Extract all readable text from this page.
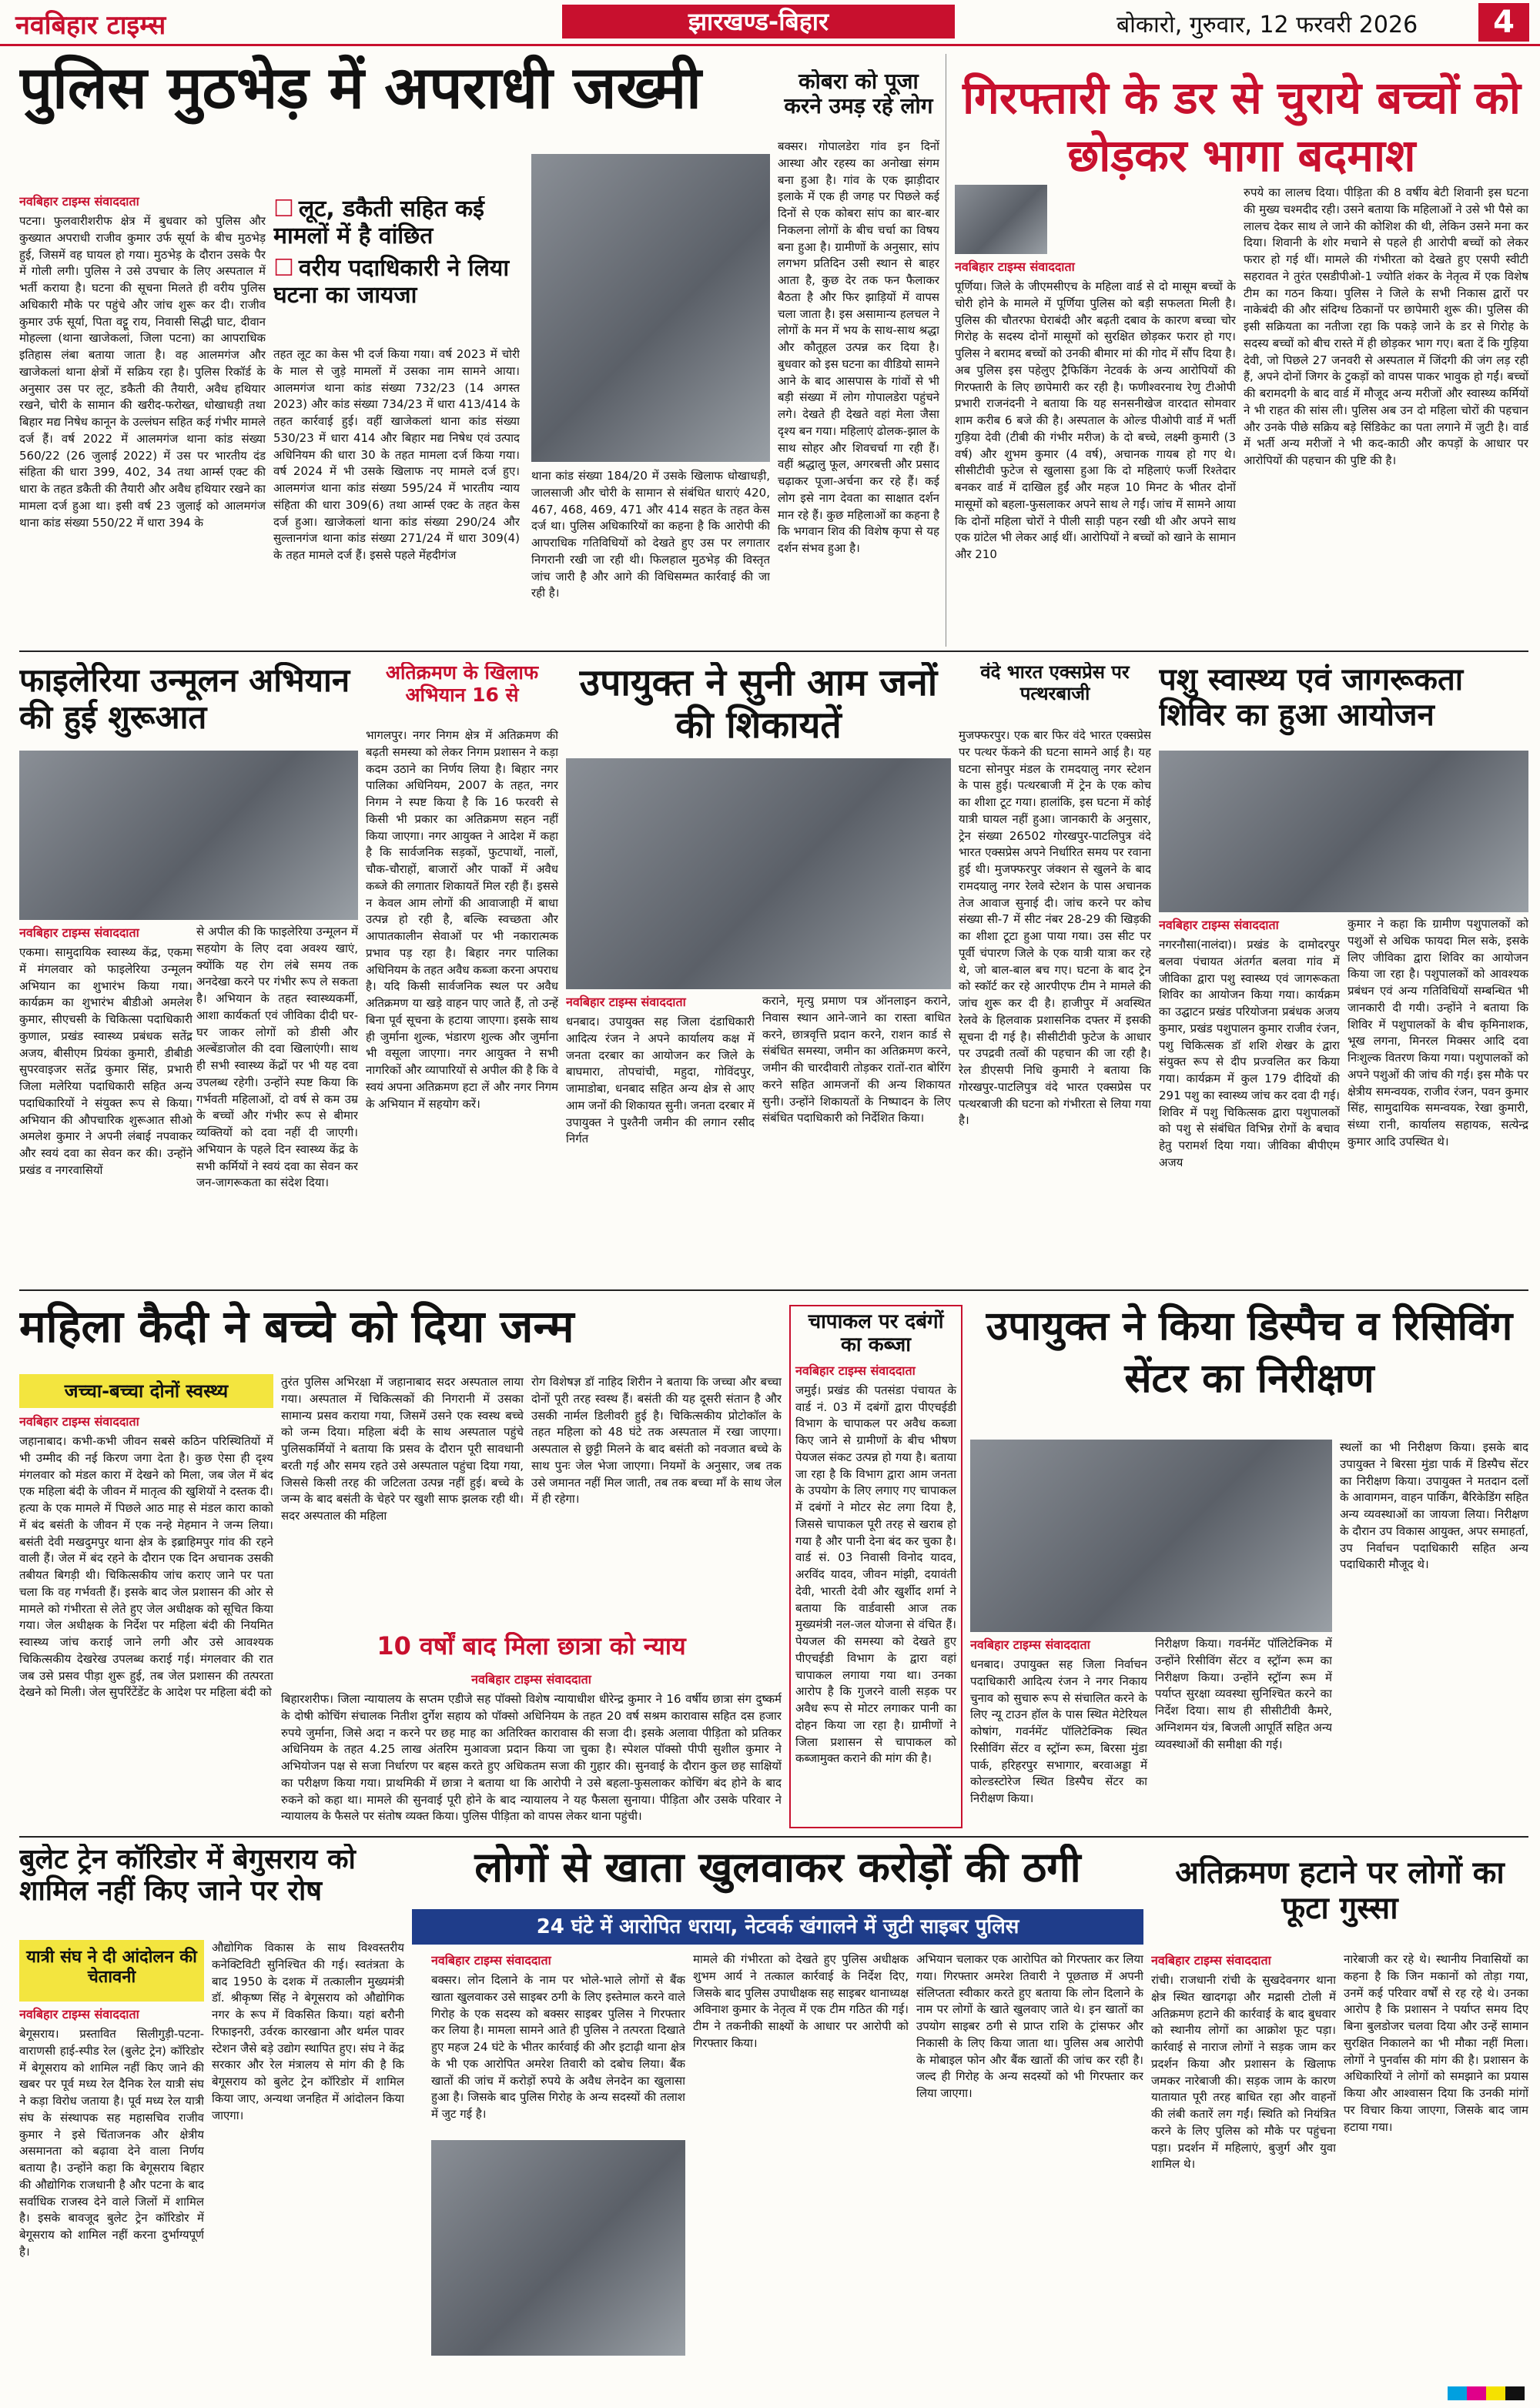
नवबिहार टाइम्स	झारखण्ड-बिहार	बोकारो, गुरुवार, 12 फरवरी 2026	4
पुलिस मुठभेड़ में अपराधी जख्मी
नवबिहार टाइम्स संवाददाता

पटना। फुलवारीशरीफ क्षेत्र में बुधवार को पुलिस और कुख्यात अपराधी राजीव कुमार उर्फ सूर्या के बीच मुठभेड़ हुई, जिसमें वह घायल हो गया। मुठभेड़ के दौरान उसके पैर में गोली लगी। पुलिस ने उसे उपचार के लिए अस्पताल में भर्ती कराया है। घटना की सूचना मिलते ही वरीय पुलिस अधिकारी मौके पर पहुंचे और जांच शुरू कर दी। राजीव कुमार उर्फ सूर्या, पिता वट्टू राय, निवासी सिद्धी घाट, दीवान मोहल्ला (थाना खाजेकलां, जिला पटना) का आपराधिक इतिहास लंबा बताया जाता है। वह आलमगंज और खाजेकलां थाना क्षेत्रों में सक्रिय रहा है। पुलिस रिकॉर्ड के अनुसार उस पर लूट, डकैती की तैयारी, अवैध हथियार रखने, चोरी के सामान की खरीद-फरोख्त, धोखाधड़ी तथा बिहार मद्य निषेध कानून के उल्लंघन सहित कई गंभीर मामले दर्ज हैं। वर्ष 2022 में आलमगंज थाना कांड संख्या 560/22 (26 जुलाई 2022) में उस पर भारतीय दंड संहिता की धारा 399, 402, 34 तथा आर्म्स एक्ट की धारा के तहत डकैती की तैयारी और अवैध हथियार रखने का मामला दर्ज हुआ था। इसी वर्ष 23 जुलाई को आलमगंज थाना कांड संख्या 550/22 में धारा 394 के

☐ लूट, डकैती सहित कई मामलों में है वांछित
☐ वरीय पदाधिकारी ने लिया घटना का जायजा

तहत लूट का केस भी दर्ज किया गया। वर्ष 2023 में चोरी के माल से जुड़े मामलों में उसका नाम सामने आया। आलमगंज थाना कांड संख्या 732/23 (14 अगस्त 2023) और कांड संख्या 734/23 में धारा 413/414 के तहत कार्रवाई हुई। वहीं खाजेकलां थाना कांड संख्या 530/23 में धारा 414 और बिहार मद्य निषेध एवं उत्पाद अधिनियम की धारा 30 के तहत मामला दर्ज किया गया। वर्ष 2024 में भी उसके खिलाफ नए मामले दर्ज हुए। आलमगंज थाना कांड संख्या 595/24 में भारतीय न्याय संहिता की धारा 309(6) तथा आर्म्स एक्ट के तहत केस दर्ज हुआ। खाजेकलां थाना कांड संख्या 290/24 और सुल्तानगंज थाना कांड संख्या 271/24 में धारा 309(4) के तहत मामले दर्ज हैं। इससे पहले मेंहदीगंज

थाना कांड संख्या 184/20 में उसके खिलाफ धोखाधड़ी, जालसाजी और चोरी के सामान से संबंधित धाराएं 420, 467, 468, 469, 471 और 414 सहत के तहत केस दर्ज था। पुलिस अधिकारियों का कहना है कि आरोपी की आपराधिक गतिविधियों को देखते हुए उस पर लगातार निगरानी रखी जा रही थी। फिलहाल मुठभेड़ की विस्तृत जांच जारी है और आगे की विधिसम्मत कार्रवाई की जा रही है।

कोबरा को पूजा करने उमड़ रहे लोग

बक्सर। गोपालडेरा गांव इन दिनों आस्था और रहस्य का अनोखा संगम बना हुआ है। गांव के एक झाड़ीदार इलाके में एक ही जगह पर पिछले कई दिनों से एक कोबरा सांप का बार-बार निकलना लोगों के बीच चर्चा का विषय बना हुआ है। ग्रामीणों के अनुसार, सांप लगभग प्रतिदिन उसी स्थान से बाहर आता है, कुछ देर तक फन फैलाकर बैठता है और फिर झाड़ियों में वापस चला जाता है। इस असामान्य हलचल ने लोगों के मन में भय के साथ-साथ श्रद्धा और कौतूहल उत्पन्न कर दिया है। बुधवार को इस घटना का वीडियो सामने आने के बाद आसपास के गांवों से भी बड़ी संख्या में लोग गोपालडेरा पहुंचने लगे। देखते ही देखते वहां मेला जैसा दृश्य बन गया। महिलाएं ढोलक-झाल के साथ सोहर और शिवचर्चा गा रही हैं। वहीं श्रद्धालु फूल, अगरबत्ती और प्रसाद चढ़ाकर पूजा-अर्चना कर रहे हैं। कई लोग इसे नाग देवता का साक्षात दर्शन मान रहे हैं। कुछ महिलाओं का कहना है कि भगवान शिव की विशेष कृपा से यह दर्शन संभव हुआ है।

गिरफ्तारी के डर से चुराये बच्चों को छोड़कर भागा बदमाश
नवबिहार टाइम्स संवाददाता

पूर्णिया। जिले के जीएमसीएच के महिला वार्ड से दो मासूम बच्चों के चोरी होने के मामले में पूर्णिया पुलिस को बड़ी सफलता मिली है। पुलिस की चौतरफा घेराबंदी और बढ़ती दबाव के कारण बच्चा चोर गिरोह के सदस्य दोनों मासूमों को सुरक्षित छोड़कर फरार हो गए। पुलिस ने बरामद बच्चों को उनकी बीमार मां की गोद में सौंप दिया है। अब पुलिस इस पहेलुए ट्रैफिकिंग नेटवर्क के अन्य आरोपियों की गिरफ्तारी के लिए छापेमारी कर रही है। फणीश्वरनाथ रेणु टीओपी प्रभारी राजनंदनी ने बताया कि यह सनसनीखेज वारदात सोमवार शाम करीब 6 बजे की है। अस्पताल के ओल्ड पीओपी वार्ड में भर्ती गुड़िया देवी (टीबी की गंभीर मरीज) के दो बच्चे, लक्ष्मी कुमारी (3 वर्ष) और शुभम कुमार (4 वर्ष), अचानक गायब हो गए थे। सीसीटीवी फुटेज से खुलासा हुआ कि दो महिलाएं फर्जी रिश्तेदार बनकर वार्ड में दाखिल हुईं और महज 10 मिनट के भीतर दोनों मासूमों को बहला-फुसलाकर अपने साथ ले गईं। जांच में सामने आया कि दोनों महिला चोरों ने पीली साड़ी पहन रखी थी और अपने साथ एक ग्रांटेल भी लेकर आई थीं। आरोपियों ने बच्चों को खाने के सामान और 210

रुपये का लालच दिया। पीड़िता की 8 वर्षीय बेटी शिवानी इस घटना की मुख्य चश्मदीद रही। उसने बताया कि महिलाओं ने उसे भी पैसे का लालच देकर साथ ले जाने की कोशिश की थी, लेकिन उसने मना कर दिया। शिवानी के शोर मचाने से पहले ही आरोपी बच्चों को लेकर फरार हो गई थीं। मामले की गंभीरता को देखते हुए एसपी स्वीटी सहरावत ने तुरंत एसडीपीओ-1 ज्योति शंकर के नेतृत्व में एक विशेष टीम का गठन किया। पुलिस ने जिले के सभी निकास द्वारों पर नाकेबंदी की और संदिग्ध ठिकानों पर छापेमारी शुरू की। पुलिस की इसी सक्रियता का नतीजा रहा कि पकड़े जाने के डर से गिरोह के सदस्य बच्चों को बीच रास्ते में ही छोड़कर भाग गए। बता दें कि गुड़िया देवी, जो पिछले 27 जनवरी से अस्पताल में जिंदगी की जंग लड़ रही हैं, अपने दोनों जिगर के टुकड़ों को वापस पाकर भावुक हो गईं। बच्चों की बरामदगी के बाद वार्ड में मौजूद अन्य मरीजों और स्वास्थ्य कर्मियों ने भी राहत की सांस ली। पुलिस अब उन दो महिला चोरों की पहचान और उनके पीछे सक्रिय बड़े सिंडिकेट का पता लगाने में जुटी है। वार्ड में भर्ती अन्य मरीजों ने भी कद-काठी और कपड़ों के आधार पर आरोपियों की पहचान की पुष्टि की है।

फाइलेरिया उन्मूलन अभियान की हुई शुरूआत
नवबिहार टाइम्स संवाददाता

एकमा। सामुदायिक स्वास्थ्य केंद्र, एकमा में मंगलवार को फाइलेरिया उन्मूलन अभियान का शुभारंभ किया गया। कार्यक्रम का शुभारंभ बीडीओ अमलेश कुमार, सीएचसी के चिकित्सा पदाधिकारी कुणाल, प्रखंड स्वास्थ्य प्रबंधक सतेंद्र अजय, बीसीएम प्रियंका कुमारी, डीबीडी सुपरवाइजर सतेंद्र कुमार सिंह, प्रभारी जिला मलेरिया पदाधिकारी सहित अन्य पदाधिकारियों ने संयुक्त रूप से किया। अभियान की औपचारिक शुरूआत सीओ अमलेश कुमार ने अपनी लंबाई नपवाकर और स्वयं दवा का सेवन कर की। उन्होंने प्रखंड व नगरवासियों

से अपील की कि फाइलेरिया उन्मूलन में सहयोग के लिए दवा अवश्य खाएं, क्योंकि यह रोग लंबे समय तक अनदेखा करने पर गंभीर रूप ले सकता है। अभियान के तहत स्वास्थ्यकर्मी, आशा कार्यकर्ता एवं जीविका दीदी घर-घर जाकर लोगों को डीसी और अल्बेंडाजोल की दवा खिलाएंगी। साथ ही सभी स्वास्थ्य केंद्रों पर भी यह दवा उपलब्ध रहेगी। उन्होंने स्पष्ट किया कि गर्भवती महिलाओं, दो वर्ष से कम उम्र के बच्चों और गंभीर रूप से बीमार व्यक्तियों को दवा नहीं दी जाएगी। अभियान के पहले दिन स्वास्थ्य केंद्र के सभी कर्मियों ने स्वयं दवा का सेवन कर जन-जागरूकता का संदेश दिया।

अतिक्रमण के खिलाफ अभियान 16 से

भागलपुर। नगर निगम क्षेत्र में अतिक्रमण की बढ़ती समस्या को लेकर निगम प्रशासन ने कड़ा कदम उठाने का निर्णय लिया है। बिहार नगर पालिका अधिनियम, 2007 के तहत, नगर निगम ने स्पष्ट किया है कि 16 फरवरी से किसी भी प्रकार का अतिक्रमण सहन नहीं किया जाएगा। नगर आयुक्त ने आदेश में कहा है कि सार्वजनिक सड़कों, फुटपाथों, नालों, चौक-चौराहों, बाजारों और पार्कों में अवैध कब्जे की लगातार शिकायतें मिल रही हैं। इससे न केवल आम लोगों की आवाजाही में बाधा उत्पन्न हो रही है, बल्कि स्वच्छता और आपातकालीन सेवाओं पर भी नकारात्मक प्रभाव पड़ रहा है। बिहार नगर पालिका अधिनियम के तहत अवैध कब्जा करना अपराध है। यदि किसी सार्वजनिक स्थल पर अवैध अतिक्रमण या खड़े वाहन पाए जाते हैं, तो उन्हें बिना पूर्व सूचना के हटाया जाएगा। इसके साथ ही जुर्माना शुल्क, भंडारण शुल्क और जुर्माना भी वसूला जाएगा। नगर आयुक्त ने सभी नागरिकों और व्यापारियों से अपील की है कि वे स्वयं अपना अतिक्रमण हटा लें और नगर निगम के अभियान में सहयोग करें।

उपायुक्त ने सुनी आम जनों की शिकायतें
नवबिहार टाइम्स संवाददाता

धनबाद। उपायुक्त सह जिला दंडाधिकारी आदित्य रंजन ने अपने कार्यालय कक्ष में जनता दरबार का आयोजन कर जिले के बाघमारा, तोपचांची, महुदा, गोविंदपुर, जामाडोबा, धनबाद सहित अन्य क्षेत्र से आए आम जनों की शिकायत सुनी। जनता दरबार में उपायुक्त ने पुश्तैनी जमीन की लगान रसीद निर्गत

कराने, मृत्यु प्रमाण पत्र ऑनलाइन कराने, निवास स्थान आने-जाने का रास्ता बाधित करने, छात्रवृत्ति प्रदान करने, राशन कार्ड से संबंधित समस्या, जमीन का अतिक्रमण करने, जमीन की चारदीवारी तोड़कर रातों-रात बोरिंग करने सहित आमजनों की अन्य शिकायत सुनी। उन्होंने शिकायतों के निष्पादन के लिए संबंधित पदाधिकारी को निर्देशित किया।

वंदे भारत एक्सप्रेस पर पत्थरबाजी

मुजफ्फरपुर। एक बार फिर वंदे भारत एक्सप्रेस पर पत्थर फेंकने की घटना सामने आई है। यह घटना सोनपुर मंडल के रामदयालु नगर स्टेशन के पास हुई। पत्थरबाजी में ट्रेन के एक कोच का शीशा टूट गया। हालांकि, इस घटना में कोई यात्री घायल नहीं हुआ। जानकारी के अनुसार, ट्रेन संख्या 26502 गोरखपुर-पाटलिपुत्र वंदे भारत एक्सप्रेस अपने निर्धारित समय पर रवाना हुई थी। मुजफ्फरपुर जंक्शन से खुलने के बाद रामदयालु नगर रेलवे स्टेशन के पास अचानक तेज आवाज सुनाई दी। जांच करने पर कोच संख्या सी-7 में सीट नंबर 28-29 की खिड़की का शीशा टूटा हुआ पाया गया। उस सीट पर पूर्वी चंपारण जिले के एक यात्री यात्रा कर रहे थे, जो बाल-बाल बच गए। घटना के बाद ट्रेन को स्कॉर्ट कर रहे आरपीएफ टीम ने मामले की जांच शुरू कर दी है। हाजीपुर में अवस्थित रेलवे के हिलवाक प्रशासनिक दफ्तर में इसकी सूचना दी गई है। सीसीटीवी फुटेज के आधार पर उपद्रवी तत्वों की पहचान की जा रही है। रेल डीएसपी निधि कुमारी ने बताया कि गोरखपुर-पाटलिपुत्र वंदे भारत एक्सप्रेस पर पत्थरबाजी की घटना को गंभीरता से लिया गया है।

पशु स्वास्थ्य एवं जागरूकता शिविर का हुआ आयोजन
नवबिहार टाइम्स संवाददाता

नगरनौसा(नालंदा)। प्रखंड के दामोदरपुर बलवा पंचायत अंतर्गत बलवा गांव में जीविका द्वारा पशु स्वास्थ्य एवं जागरूकता शिविर का आयोजन किया गया। कार्यक्रम का उद्घाटन प्रखंड परियोजना प्रबंधक अजय कुमार, प्रखंड पशुपालन कुमार राजीव रंजन, पशु चिकित्सक डॉ शशि शेखर के द्वारा संयुक्त रूप से दीप प्रज्वलित कर किया गया। कार्यक्रम में कुल 179 दीदियों की 291 पशु का स्वास्थ्य जांच कर दवा दी गई। शिविर में पशु चिकित्सक द्वारा पशुपालकों को पशु से संबंधित विभिन्न रोगों के बचाव हेतु परामर्श दिया गया। जीविका बीपीएम अजय

कुमार ने कहा कि ग्रामीण पशुपालकों को पशुओं से अधिक फायदा मिल सके, इसके लिए जीविका द्वारा शिविर का आयोजन किया जा रहा है। पशुपालकों को आवश्यक प्रबंधन एवं अन्य गतिविधियों सम्बन्धित भी जानकारी दी गयी। उन्होंने ने बताया कि शिविर में पशुपालकों के बीच कृमिनाशक, भूख लगना, मिनरल मिक्सर आदि दवा निःशुल्क वितरण किया गया। पशुपालकों को अपने पशुओं की जांच की गई। इस मौके पर क्षेत्रीय समन्वयक, राजीव रंजन, पवन कुमार सिंह, सामुदायिक समन्वयक, रेखा कुमारी, संध्या रानी, कार्यालय सहायक, सत्येन्द्र कुमार आदि उपस्थित थे।

महिला कैदी ने बच्चे को दिया जन्म
जच्चा-बच्चा दोनों स्वस्थ्य
नवबिहार टाइम्स संवाददाता

जहानाबाद। कभी-कभी जीवन सबसे कठिन परिस्थितियों में भी उम्मीद की नई किरण जगा देता है। कुछ ऐसा ही दृश्य मंगलवार को मंडल कारा में देखने को मिला, जब जेल में बंद एक महिला बंदी के जीवन में मातृत्व की खुशियों ने दस्तक दी। हत्या के एक मामले में पिछले आठ माह से मंडल कारा काको में बंद बसंती के जीवन में एक नन्हे मेहमान ने जन्म लिया। बसंती देवी मखदुमपुर थाना क्षेत्र के इब्राहिमपुर गांव की रहने वाली हैं। जेल में बंद रहने के दौरान एक दिन अचानक उसकी तबीयत बिगड़ी थी। चिकित्सकीय जांच कराए जाने पर पता चला कि वह गर्भवती हैं। इसके बाद जेल प्रशासन की ओर से मामले को गंभीरता से लेते हुए जेल अधीक्षक को सूचित किया गया। जेल अधीक्षक के निर्देश पर महिला बंदी की नियमित स्वास्थ्य जांच कराई जाने लगी और उसे आवश्यक चिकित्सकीय देखरेख उपलब्ध कराई गई। मंगलवार की रात जब उसे प्रसव पीड़ा शुरू हुई, तब जेल प्रशासन की तत्परता देखने को मिली। जेल सुपरिंटेंडेंट के आदेश पर महिला बंदी को

तुरंत पुलिस अभिरक्षा में जहानाबाद सदर अस्पताल लाया गया। अस्पताल में चिकित्सकों की निगरानी में उसका सामान्य प्रसव कराया गया, जिसमें उसने एक स्वस्थ बच्चे को जन्म दिया। महिला बंदी के साथ अस्पताल पहुंचे पुलिसकर्मियों ने बताया कि प्रसव के दौरान पूरी सावधानी बरती गई और समय रहते उसे अस्पताल पहुंचा दिया गया, जिससे किसी तरह की जटिलता उत्पन्न नहीं हुई। बच्चे के जन्म के बाद बसंती के चेहरे पर खुशी साफ झलक रही थी। सदर अस्पताल की महिला

रोग विशेषज्ञ डॉ नाहिद शिरीन ने बताया कि जच्चा और बच्चा दोनों पूरी तरह स्वस्थ हैं। बसंती की यह दूसरी संतान है और उसकी नार्मल डिलीवरी हुई है। चिकित्सकीय प्रोटोकॉल के तहत महिला को 48 घंटे तक अस्पताल में रखा जाएगा। अस्पताल से छुट्टी मिलने के बाद बसंती को नवजात बच्चे के साथ पुनः जेल भेजा जाएगा। नियमों के अनुसार, जब तक उसे जमानत नहीं मिल जाती, तब तक बच्चा माँ के साथ जेल में ही रहेगा।

10 वर्षों बाद मिला छात्रा को न्याय
नवबिहार टाइम्स संवाददाता

बिहारशरीफ। जिला न्यायालय के सप्तम एडीजे सह पॉक्सो विशेष न्यायाधीश धीरेन्द्र कुमार ने 16 वर्षीय छात्रा संग दुष्कर्म के दोषी कोचिंग संचालक नितीश दुर्गेश सहाय को पॉक्सो अधिनियम के तहत 20 वर्ष सश्रम कारावास सहित दस हजार रुपये जुर्माना, जिसे अदा न करने पर छह माह का अतिरिक्त कारावास की सजा दी। इसके अलावा पीड़िता को प्रतिकर अधिनियम के तहत 4.25 लाख अंतरिम मुआवजा प्रदान किया जा चुका है। स्पेशल पॉक्सो पीपी सुशील कुमार ने अभियोजन पक्ष से सजा निर्धारण पर बहस करते हुए अधिकतम सजा की गुहार की। सुनवाई के दौरान कुल छह साक्षियों का परीक्षण किया गया। प्राथमिकी में छात्रा ने बताया था कि आरोपी ने उसे बहला-फुसलाकर कोचिंग बंद होने के बाद रुकने को कहा था। मामले की सुनवाई पूरी होने के बाद न्यायालय ने यह फैसला सुनाया। पीड़िता और उसके परिवार ने न्यायालय के फैसले पर संतोष व्यक्त किया। पुलिस पीड़िता को वापस लेकर थाना पहुंची।

चापाकल पर दबंगों का कब्जा
नवबिहार टाइम्स संवाददाता

जमुई। प्रखंड की पतसंडा पंचायत के वार्ड नं. 03 में दबंगों द्वारा पीएचईडी विभाग के चापाकल पर अवैध कब्जा किए जाने से ग्रामीणों के बीच भीषण पेयजल संकट उत्पन्न हो गया है। बताया जा रहा है कि विभाग द्वारा आम जनता के उपयोग के लिए लगाए गए चापाकल में दबंगों ने मोटर सेट लगा दिया है, जिससे चापाकल पूरी तरह से खराब हो गया है और पानी देना बंद कर चुका है। वार्ड सं. 03 निवासी विनोद यादव, अरविंद यादव, जीवन मांझी, दयावंती देवी, भारती देवी और खुर्शीद शर्मा ने बताया कि वार्डवासी आज तक मुख्यमंत्री नल-जल योजना से वंचित हैं। पेयजल की समस्या को देखते हुए पीएचईडी विभाग के द्वारा वहां चापाकल लगाया गया था। उनका आरोप है कि गुजरने वाली सड़क पर अवैध रूप से मोटर लगाकर पानी का दोहन किया जा रहा है। ग्रामीणों ने जिला प्रशासन से चापाकल को कब्जामुक्त कराने की मांग की है।

उपायुक्त ने किया डिस्पैच व रिसिविंग सेंटर का निरीक्षण

स्थलों का भी निरीक्षण किया। इसके बाद उपायुक्त ने बिरसा मुंडा पार्क में डिस्पैच सेंटर का निरीक्षण किया। उपायुक्त ने मतदान दलों के आवागमन, वाहन पार्किंग, बैरिकेडिंग सहित अन्य व्यवस्थाओं का जायजा लिया। निरीक्षण के दौरान उप विकास आयुक्त, अपर समाहर्ता, उप निर्वाचन पदाधिकारी सहित अन्य पदाधिकारी मौजूद थे।

नवबिहार टाइम्स संवाददाता

धनबाद। उपायुक्त सह जिला निर्वाचन पदाधिकारी आदित्य रंजन ने नगर निकाय चुनाव को सुचारु रूप से संचालित करने के लिए न्यू टाउन हॉल के पास स्थित मेटेरियल कोषांग, गवर्नमेंट पॉलिटेक्निक स्थित रिसीविंग सेंटर व स्ट्रॉन्ग रूम, बिरसा मुंडा पार्क, हरिहरपुर सभागार, बरवाअड्डा में कोल्डस्टोरेज स्थित डिस्पैच सेंटर का निरीक्षण किया।

निरीक्षण किया। गवर्नमेंट पॉलिटेक्निक में उन्होंने रिसीविंग सेंटर व स्ट्रॉन्ग रूम का निरीक्षण किया। उन्होंने स्ट्रॉन्ग रूम में पर्याप्त सुरक्षा व्यवस्था सुनिश्चित करने का निर्देश दिया। साथ ही सीसीटीवी कैमरे, अग्निशमन यंत्र, बिजली आपूर्ति सहित अन्य व्यवस्थाओं की समीक्षा की गई।

बुलेट ट्रेन कॉरिडोर में बेगुसराय को शामिल नहीं किए जाने पर रोष
यात्री संघ ने दी आंदोलन की चेतावनी
नवबिहार टाइम्स संवाददाता

बेगूसराय। प्रस्तावित सिलीगुड़ी-पटना-वाराणसी हाई-स्पीड रेल (बुलेट ट्रेन) कॉरिडोर में बेगूसराय को शामिल नहीं किए जाने की खबर पर पूर्व मध्य रेल दैनिक रेल यात्री संघ ने कड़ा विरोध जताया है। पूर्व मध्य रेल यात्री संघ के संस्थापक सह महासचिव राजीव कुमार ने इसे चिंताजनक और क्षेत्रीय असमानता को बढ़ावा देने वाला निर्णय बताया है। उन्होंने कहा कि बेगूसराय बिहार की औद्योगिक राजधानी है और पटना के बाद सर्वाधिक राजस्व देने वाले जिलों में शामिल है। इसके बावजूद बुलेट ट्रेन कॉरिडोर में बेगूसराय को शामिल नहीं करना दुर्भाग्यपूर्ण है।

औद्योगिक विकास के साथ विश्वस्तरीय कनेक्टिविटी सुनिश्चित की गई। स्वतंत्रता के बाद 1950 के दशक में तत्कालीन मुख्यमंत्री डॉ. श्रीकृष्ण सिंह ने बेगूसराय को औद्योगिक नगर के रूप में विकसित किया। यहां बरौनी रिफाइनरी, उर्वरक कारखाना और थर्मल पावर स्टेशन जैसे बड़े उद्योग स्थापित हुए। संघ ने केंद्र सरकार और रेल मंत्रालय से मांग की है कि बेगूसराय को बुलेट ट्रेन कॉरिडोर में शामिल किया जाए, अन्यथा जनहित में आंदोलन किया जाएगा।

लोगों से खाता खुलवाकर करोड़ों की ठगी
24 घंटे में आरोपित धराया, नेटवर्क खंगालने में जुटी साइबर पुलिस
नवबिहार टाइम्स संवाददाता

बक्सर। लोन दिलाने के नाम पर भोले-भाले लोगों से बैंक खाता खुलवाकर उसे साइबर ठगी के लिए इस्तेमाल करने वाले गिरोह के एक सदस्य को बक्सर साइबर पुलिस ने गिरफ्तार कर लिया है। मामला सामने आते ही पुलिस ने तत्परता दिखाते हुए महज 24 घंटे के भीतर कार्रवाई की और इटाढ़ी थाना क्षेत्र के भी एक आरोपित अमरेश तिवारी को दबोच लिया। बैंक खातों की जांच में करोड़ों रुपये के अवैध लेनदेन का खुलासा हुआ है। जिसके बाद पुलिस गिरोह के अन्य सदस्यों की तलाश में जुट गई है।

मामले की गंभीरता को देखते हुए पुलिस अधीक्षक शुभम आर्य ने तत्काल कार्रवाई के निर्देश दिए, जिसके बाद पुलिस उपाधीक्षक सह साइबर थानाध्यक्ष अविनाश कुमार के नेतृत्व में एक टीम गठित की गई। टीम ने तकनीकी साक्ष्यों के आधार पर आरोपी को गिरफ्तार किया।

अभियान चलाकर एक आरोपित को गिरफ्तार कर लिया गया। गिरफ्तार अमरेश तिवारी ने पूछताछ में अपनी संलिप्तता स्वीकार करते हुए बताया कि लोन दिलाने के नाम पर लोगों के खाते खुलवाए जाते थे। इन खातों का उपयोग साइबर ठगी से प्राप्त राशि के ट्रांसफर और निकासी के लिए किया जाता था। पुलिस अब आरोपी के मोबाइल फोन और बैंक खातों की जांच कर रही है। जल्द ही गिरोह के अन्य सदस्यों को भी गिरफ्तार कर लिया जाएगा।

अतिक्रमण हटाने पर लोगों का फूटा गुस्सा
नवबिहार टाइम्स संवाददाता

रांची। राजधानी रांची के सुखदेवनगर थाना क्षेत्र स्थित खादगढ़ा और मद्रासी टोली में अतिक्रमण हटाने की कार्रवाई के बाद बुधवार को स्थानीय लोगों का आक्रोश फूट पड़ा। कार्रवाई से नाराज लोगों ने सड़क जाम कर प्रदर्शन किया और प्रशासन के खिलाफ जमकर नारेबाजी की। सड़क जाम के कारण यातायात पूरी तरह बाधित रहा और वाहनों की लंबी कतारें लग गईं। स्थिति को नियंत्रित करने के लिए पुलिस को मौके पर पहुंचना पड़ा। प्रदर्शन में महिलाएं, बुजुर्ग और युवा शामिल थे।

नारेबाजी कर रहे थे। स्थानीय निवासियों का कहना है कि जिन मकानों को तोड़ा गया, उनमें कई परिवार वर्षों से रह रहे थे। उनका आरोप है कि प्रशासन ने पर्याप्त समय दिए बिना बुलडोजर चलवा दिया और उन्हें सामान सुरक्षित निकालने का भी मौका नहीं मिला। लोगों ने पुनर्वास की मांग की है। प्रशासन के अधिकारियों ने लोगों को समझाने का प्रयास किया और आश्वासन दिया कि उनकी मांगों पर विचार किया जाएगा, जिसके बाद जाम हटाया गया।
